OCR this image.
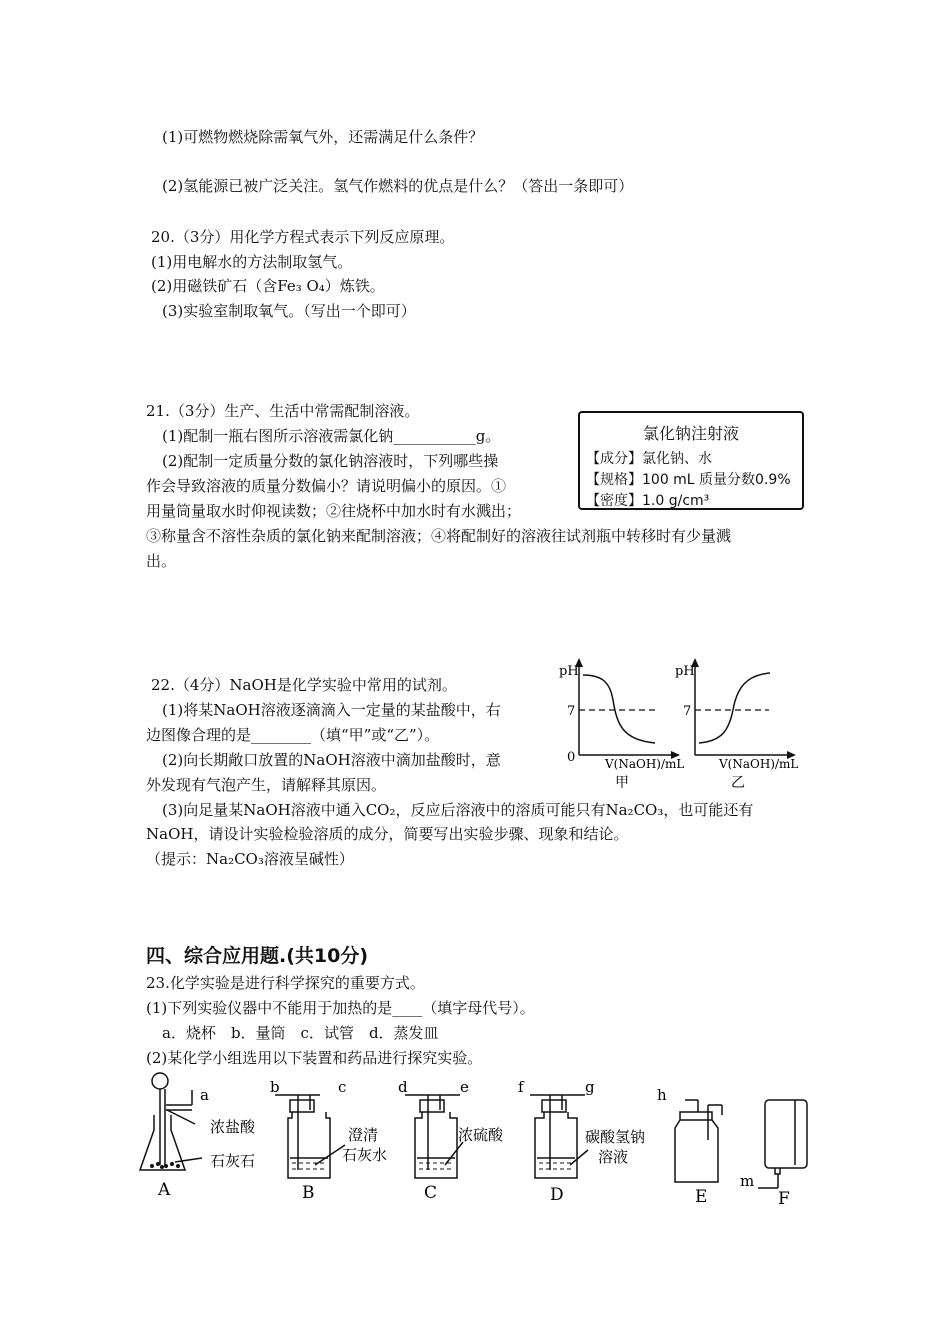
(1)可燃物燃烧除需氧气外，还需满足什么条件？
(2)氢能源已被广泛关注。氢气作燃料的优点是什么？（答出一条即可）
20.（3分）用化学方程式表示下列反应原理。
(1)用电解水的方法制取氢气。
(2)用磁铁矿石（含Fe₃ O₄）炼铁。
(3)实验室制取氧气。（写出一个即可）
21.（3分）生产、生活中常需配制溶液。
(1)配制一瓶右图所示溶液需氯化钠___________g。
(2)配制一定质量分数的氯化钠溶液时，下列哪些操
作会导致溶液的质量分数偏小？请说明偏小的原因。①
用量筒量取水时仰视读数；②往烧杯中加水时有水溅出；
③称量含不溶性杂质的氯化钠来配制溶液；④将配制好的溶液往试剂瓶中转移时有少量溅
出。
氯化钠注射液
【成分】氯化钠、水
【规格】100 mL 质量分数0.9%
【密度】1.0 g/cm³
22.（4分）NaOH是化学实验中常用的试剂。
(1)将某NaOH溶液逐滴滴入一定量的某盐酸中，右
边图像合理的是________（填“甲”或“乙”）。
(2)向长期敞口放置的NaOH溶液中滴加盐酸时，意
外发现有气泡产生，请解释其原因。
(3)向足量某NaOH溶液中通入CO₂，反应后溶液中的溶质可能只有Na₂CO₃，也可能还有
NaOH，请设计实验检验溶质的成分，简要写出实验步骤、现象和结论。
（提示：Na₂CO₃溶液呈碱性）
pH
7
0 V(NaOH)/mL
甲
pH
7
V(NaOH)/mL
乙
四、综合应用题.(共10分)
23.化学实验是进行科学探究的重要方式。
(1)下列实验仪器中不能用于加热的是____（填字母代号）。
a．烧杯　b．量筒　c．试管　d．蒸发皿
(2)某化学小组选用以下装置和药品进行探究实验。
a	b	c	d	e	f	g	h
m
浓盐酸
石灰石
澄清
石灰水
浓硫酸	碳酸氢钠
溶液
A	B	C	D	E	F
